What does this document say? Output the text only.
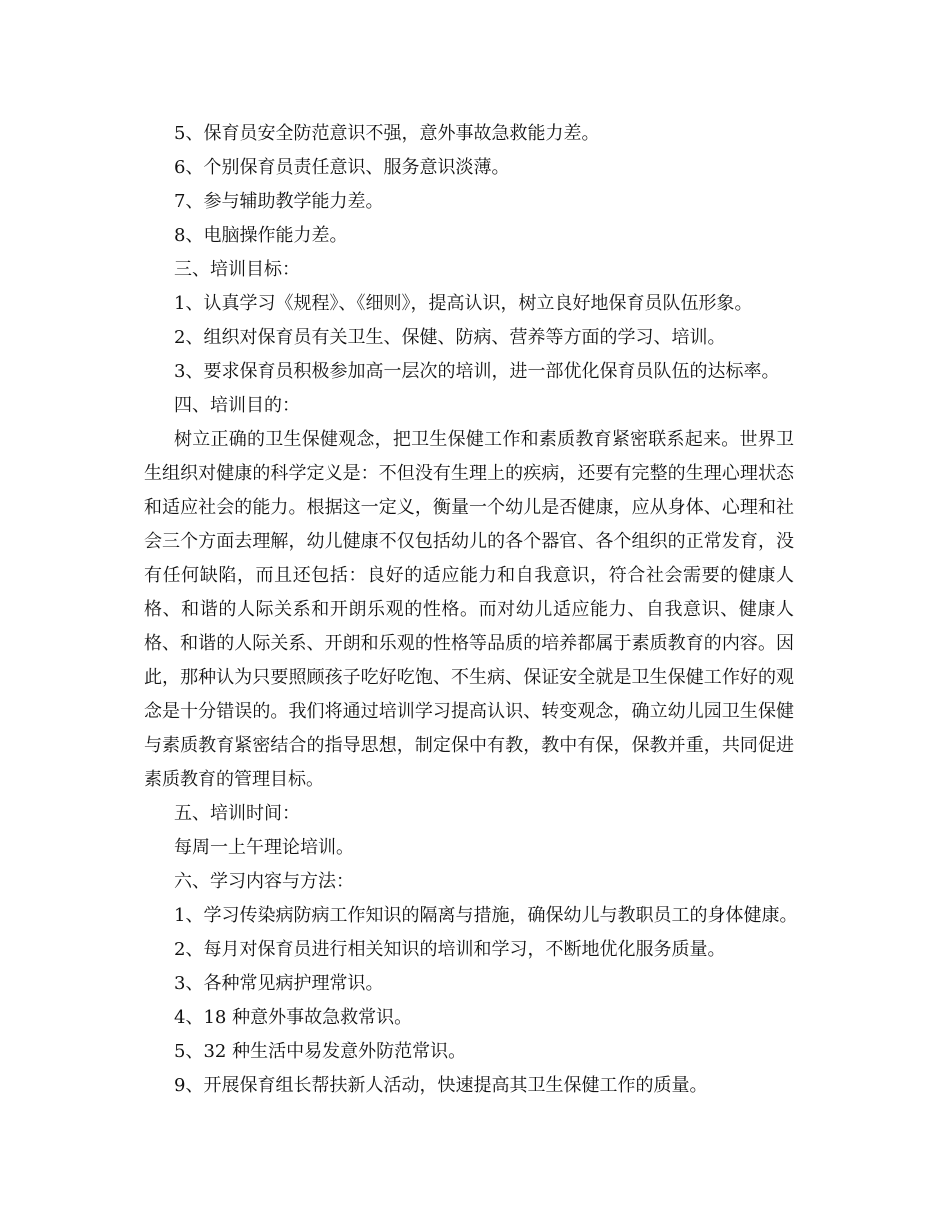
5、保育员安全防范意识不强，意外事故急救能力差。

6、个别保育员责任意识、服务意识淡薄。

7、参与辅助教学能力差。

8、电脑操作能力差。

三、培训目标：

1、认真学习《规程》、《细则》，提高认识，树立良好地保育员队伍形象。

2、组织对保育员有关卫生、保健、防病、营养等方面的学习、培训。

3、要求保育员积极参加高一层次的培训，进一部优化保育员队伍的达标率。

四、培训目的：

树立正确的卫生保健观念，把卫生保健工作和素质教育紧密联系起来。世界卫生组织对健康的科学定义是：不但没有生理上的疾病，还要有完整的生理心理状态和适应社会的能力。根据这一定义，衡量一个幼儿是否健康，应从身体、心理和社会三个方面去理解，幼儿健康不仅包括幼儿的各个器官、各个组织的正常发育，没有任何缺陷，而且还包括：良好的适应能力和自我意识，符合社会需要的健康人格、和谐的人际关系和开朗乐观的性格。而对幼儿适应能力、自我意识、健康人格、和谐的人际关系、开朗和乐观的性格等品质的培养都属于素质教育的内容。因此，那种认为只要照顾孩子吃好吃饱、不生病、保证安全就是卫生保健工作好的观念是十分错误的。我们将通过培训学习提高认识、转变观念，确立幼儿园卫生保健与素质教育紧密结合的指导思想，制定保中有教，教中有保，保教并重，共同促进素质教育的管理目标。

五、培训时间：

每周一上午理论培训。

六、学习内容与方法：

1、学习传染病防病工作知识的隔离与措施，确保幼儿与教职员工的身体健康。

2、每月对保育员进行相关知识的培训和学习，不断地优化服务质量。

3、各种常见病护理常识。

4、18 种意外事故急救常识。

5、32 种生活中易发意外防范常识。

9、开展保育组长帮扶新人活动，快速提高其卫生保健工作的质量。
